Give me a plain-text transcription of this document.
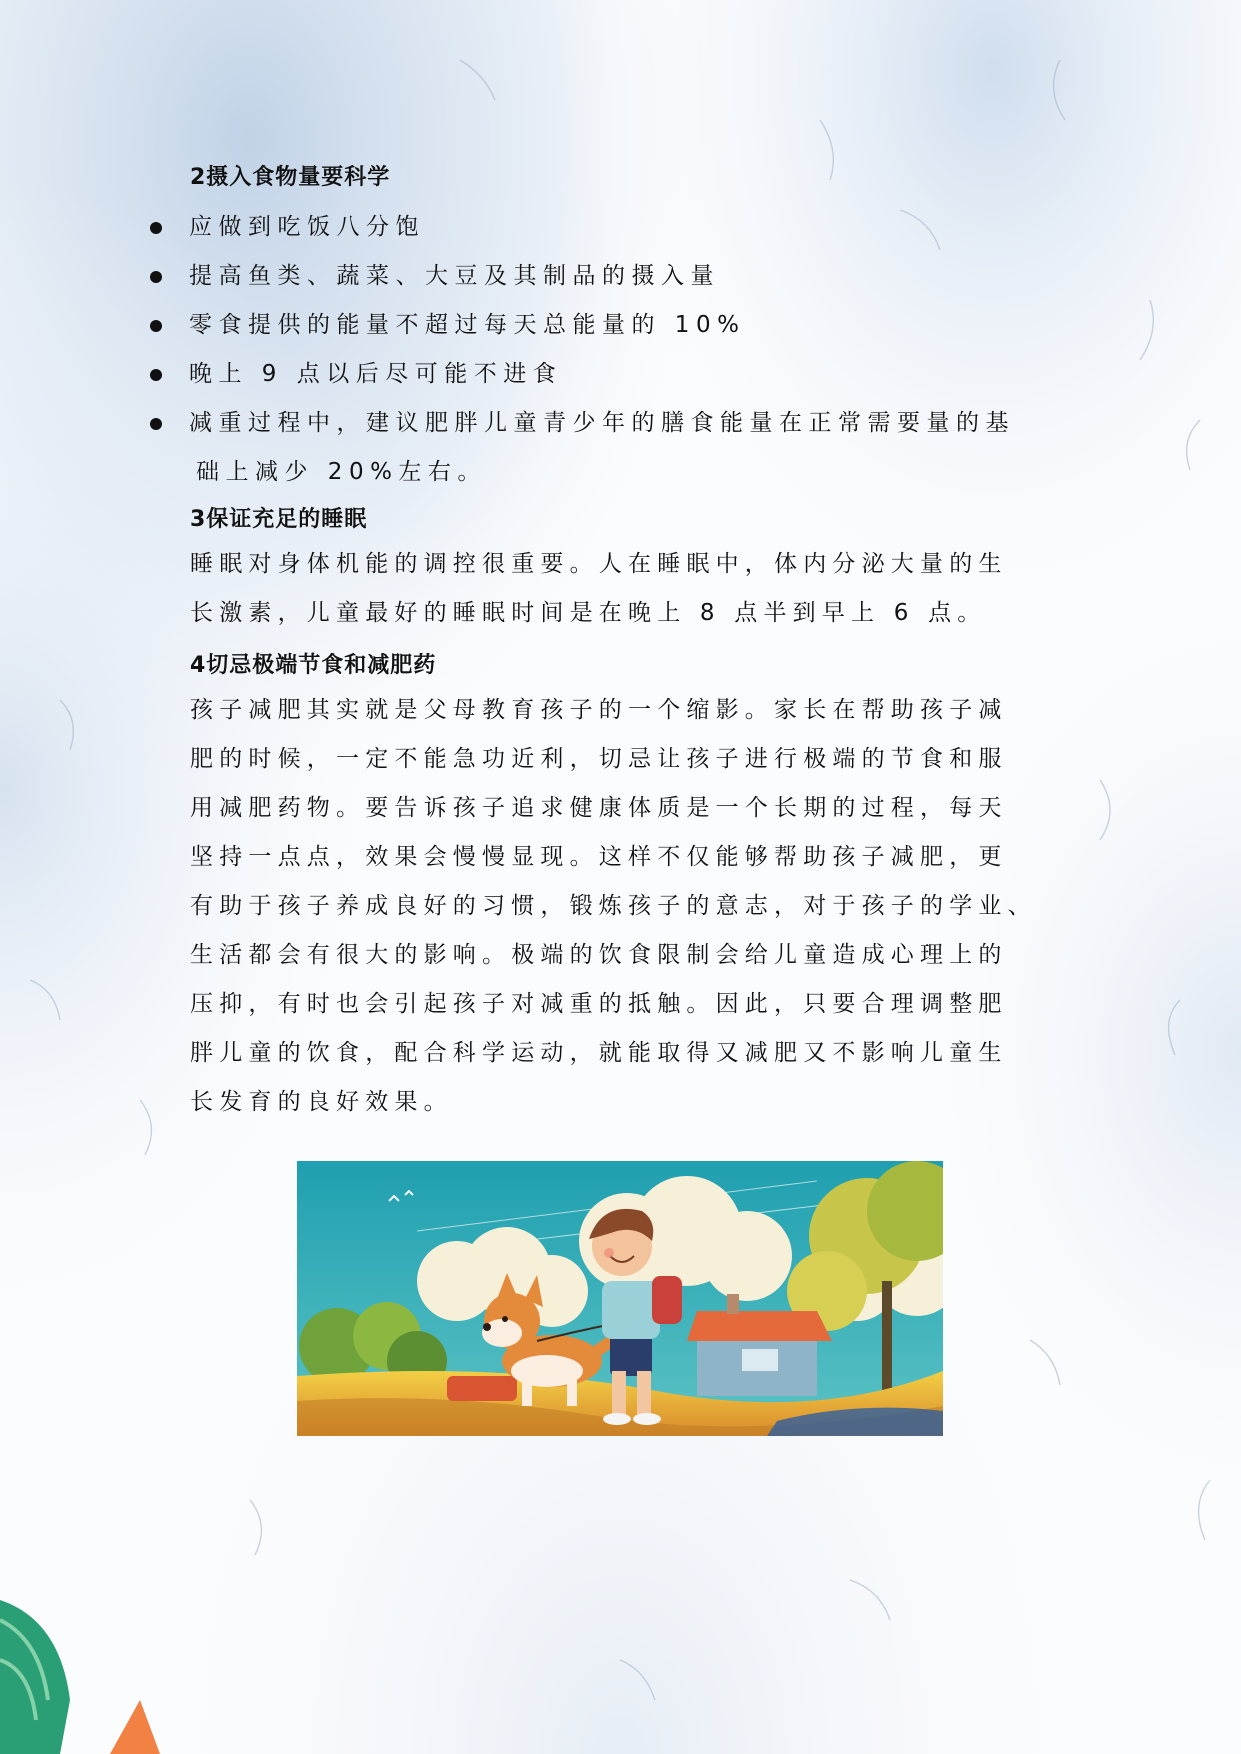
2摄入食物量要科学
应做到吃饭八分饱
提高鱼类、蔬菜、大豆及其制品的摄入量
零食提供的能量不超过每天总能量的 10%
晚上 9 点以后尽可能不进食
减重过程中，建议肥胖儿童青少年的膳食能量在正常需要量的基
础上减少 20%左右。
3保证充足的睡眠

睡眠对身体机能的调控很重要。人在睡眠中，体内分泌大量的生
长激素，儿童最好的睡眠时间是在晚上 8 点半到早上 6 点。

4切忌极端节食和减肥药

孩子减肥其实就是父母教育孩子的一个缩影。家长在帮助孩子减
肥的时候，一定不能急功近利，切忌让孩子进行极端的节食和服
用减肥药物。要告诉孩子追求健康体质是一个长期的过程，每天
坚持一点点，效果会慢慢显现。这样不仅能够帮助孩子减肥，更
有助于孩子养成良好的习惯，锻炼孩子的意志，对于孩子的学业、
生活都会有很大的影响。极端的饮食限制会给儿童造成心理上的
压抑，有时也会引起孩子对减重的抵触。因此，只要合理调整肥
胖儿童的饮食，配合科学运动，就能取得又减肥又不影响儿童生
长发育的良好效果。
